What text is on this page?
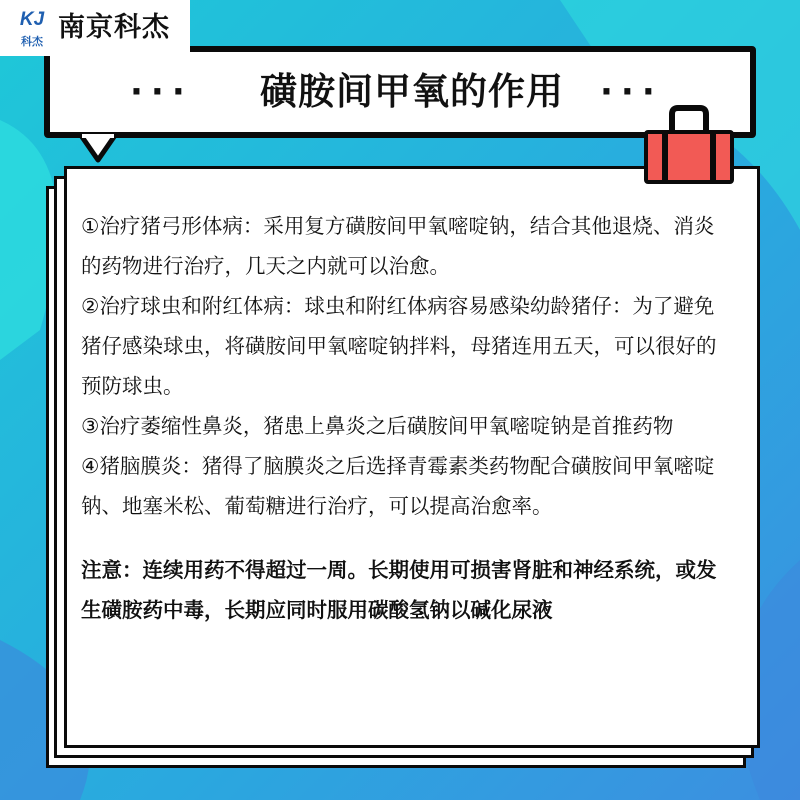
··· 磺胺间甲氧的作用 ···
KJ
科杰 南京科杰

①治疗猪弓形体病：采用复方磺胺间甲氧嘧啶钠，结合其他退烧、消炎的药物进行治疗，几天之内就可以治愈。

②治疗球虫和附红体病：球虫和附红体病容易感染幼龄猪仔：为了避免猪仔感染球虫，将磺胺间甲氧嘧啶钠拌料，母猪连用五天，可以很好的预防球虫。

③治疗萎缩性鼻炎，猪患上鼻炎之后磺胺间甲氧嘧啶钠是首推药物

④猪脑膜炎：猪得了脑膜炎之后选择青霉素类药物配合磺胺间甲氧嘧啶钠、地塞米松、葡萄糖进行治疗，可以提高治愈率。

注意：连续用药不得超过一周。长期使用可损害肾脏和神经系统，或发生磺胺药中毒，长期应同时服用碳酸氢钠以碱化尿液
